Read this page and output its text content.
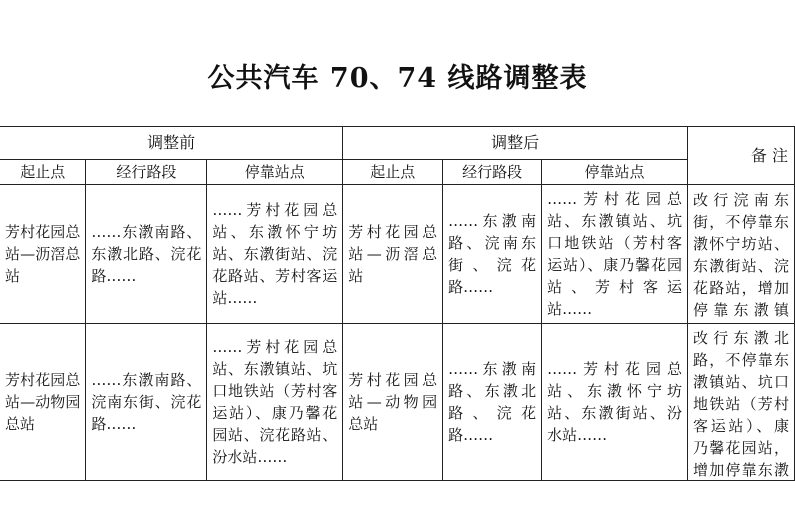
公共汽车 70、74 线路调整表
调整前			调整后			备 注
起止点	经行路段	停靠站点	起止点	经行路段	停靠站点	

芳村花园总站—沥滘总站	……东漖南路、东漖北路、浣花路……	……芳村花园总站、东漖怀宁坊站、东漖街站、浣花路站、芳村客运站……	芳村花园总站—沥滘总站	……东漖南路、浣南东街、浣花路……	……芳村花园总站、东漖镇站、坑口地铁站（芳村客运站）、康乃馨花园站、芳村客运站……	改行浣南东街，不停靠东漖怀宁坊站、东漖街站、浣花路站，增加停靠东漖镇

芳村花园总站—动物园总站	……东漖南路、浣南东街、浣花路……	……芳村花园总站、东漖镇站、坑口地铁站（芳村客运站）、康乃馨花园站、浣花路站、汾水站……	芳村花园总站—动物园总站	……东漖南路、东漖北路、浣花路……	……芳村花园总站、东漖怀宁坊站、东漖街站、汾水站……	改行东漖北路，不停靠东漖镇站、坑口地铁站（芳村客运站）、康乃馨花园站，增加停靠东漖
